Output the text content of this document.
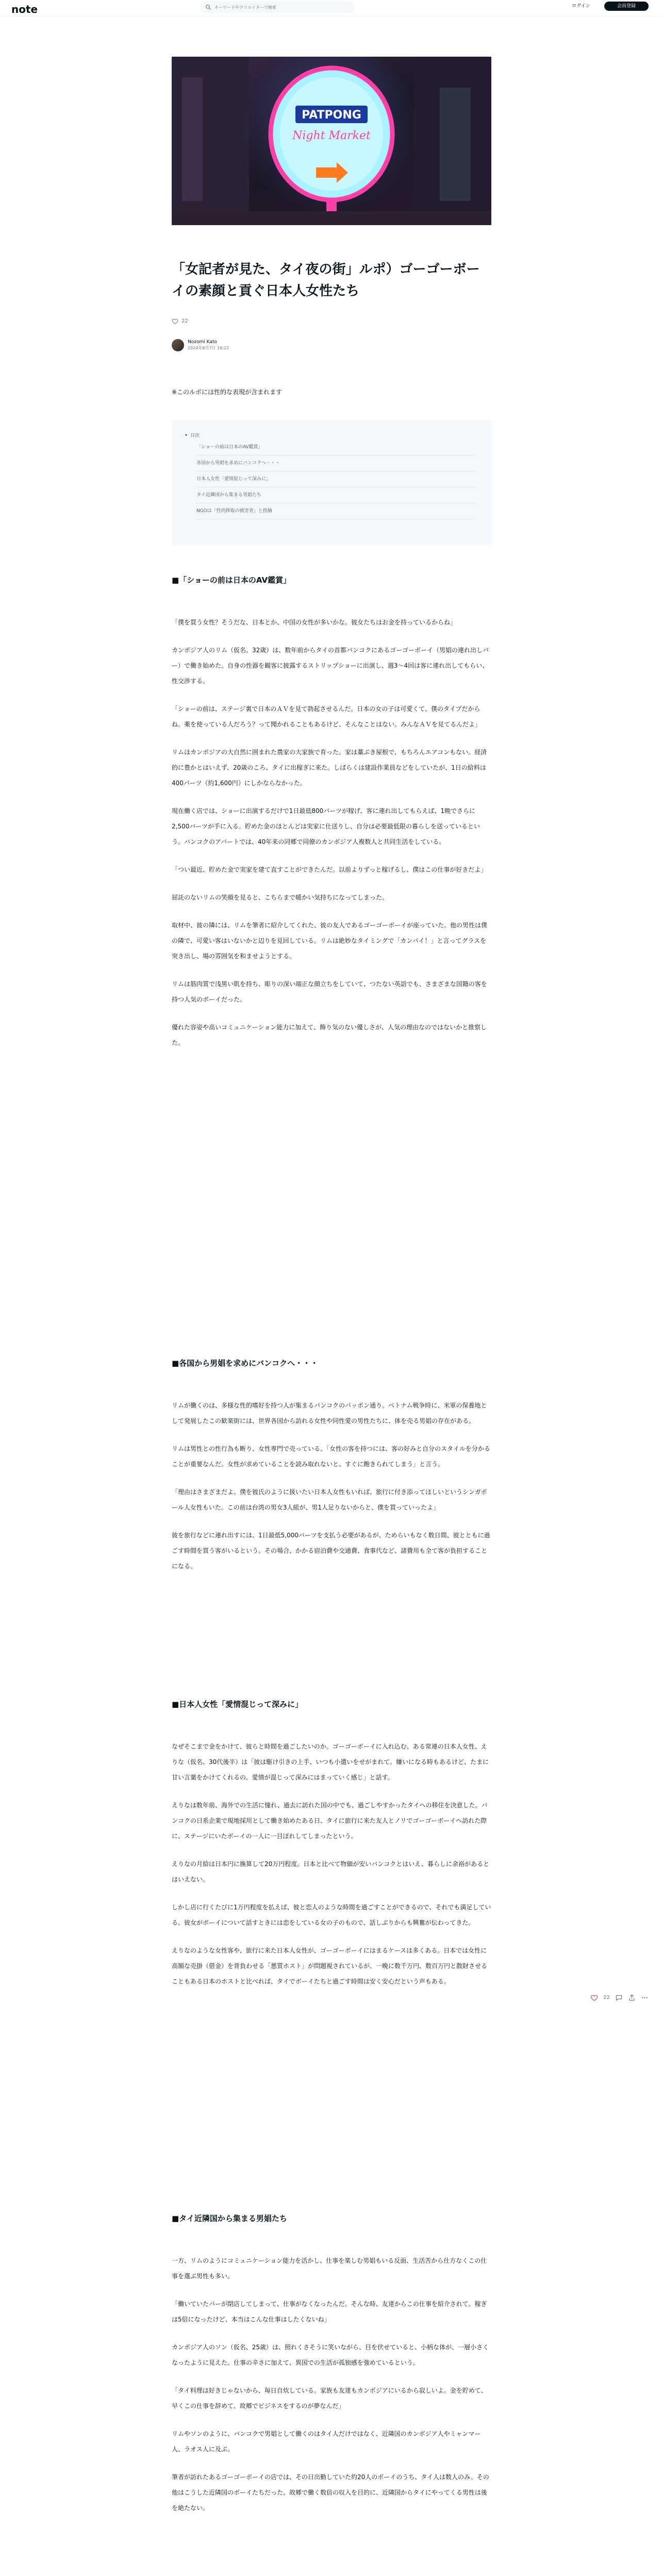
note
キーワードやクリエイターで検索	ログイン	会員登録
PATPONG
Night Market
「女記者が見た、タイ夜の街」ルポ）ゴーゴーボーイの素顔と貢ぐ日本人女性たち
22
Nozomi Kato
2024年6月7日 19:22

※このルポには性的な表現が含まれます

▾ 目次
「ショーの前は日本のAV鑑賞」
各国から男娼を求めにバンコクへ・・・
日本人女性「愛情混じって深みに」
タイ近隣国から集まる男娼たち
NGOは「性的搾取の被害者」と指摘
■「ショーの前は日本のAV鑑賞」

「僕を買う女性？そうだな、日本とか、中国の女性が多いかな。彼女たちはお金を持っているからね」

カンボジア人のリム（仮名、32歳）は、数年前からタイの首都バンコクにあるゴーゴーボーイ（男娼の連れ出しバー）で働き始めた。自身の性器を観客に披露するストリップショーに出演し、週3〜4回は客に連れ出してもらい、性交渉する。

「ショーの前は、ステージ裏で日本のＡＶを見て勃起させるんだ。日本の女の子は可愛くて、僕のタイプだからね。薬を使っている人だろう？って聞かれることもあるけど、そんなことはない。みんなＡＶを見てるんだよ」

リムはカンボジアの大自然に囲まれた農家の大家族で育った。家は藁ぶき屋根で、もちろんエアコンもない。経済的に豊かとはいえず、20歳のころ、タイに出稼ぎに来た。しばらくは建設作業員などをしていたが、1日の給料は400バーツ（約1,600円）にしかならなかった。

現在働く店では、ショーに出演するだけで1日最低800バーツが稼げ、客に連れ出してもらえば、1晩でさらに2,500バーツが手に入る。貯めた金のほとんどは実家に仕送りし、自分は必要最低限の暮らしを送っているという。バンコクのアパートでは、40年来の同郷で同僚のカンボジア人複数人と共同生活をしている。

「つい最近、貯めた金で実家を建て直すことができたんだ。以前よりずっと稼げるし、僕はこの仕事が好きだよ」

屈託のないリムの笑顔を見ると、こちらまで暖かい気持ちになってしまった。

取材中、彼の隣には、リムを筆者に紹介してくれた、彼の友人であるゴーゴーボーイが座っていた。他の男性は僕の隣で、可愛い客はいないかと辺りを見回している。リムは絶妙なタイミングで「カンパイ！」と言ってグラスを突き出し、場の雰囲気を和ませようとする。

リムは筋肉質で浅黒い肌を持ち、彫りの深い端正な顔立ちをしていて、つたない英語でも、さまざまな国籍の客を持つ人気のボーイだった。

優れた容姿や高いコミュニケーション能力に加えて、飾り気のない優しさが、人気の理由なのではないかと推察した。

■各国から男娼を求めにバンコクへ・・・

リムが働くのは、多様な性的嗜好を持つ人が集まるバンコクのパッポン通り。ベトナム戦争時に、米軍の保養地として発展したこの歓楽街には、世界各国から訪れる女性や同性愛の男性たちに、体を売る男娼の存在がある。

リムは男性との性行為も断り、女性専門で売っている。「女性の客を持つには、客の好みと自分のスタイルを分かることが重要なんだ。女性が求めていることを読み取れないと、すぐに飽きられてしまう」と言う。

「理由はさまざまだよ。僕を彼氏のように扱いたい日本人女性もいれば、旅行に付き添ってほしいというシンガポール人女性もいた。この前は台湾の男女3人組が、男1人足りないからと、僕を買っていったよ」

彼を旅行などに連れ出すには、1日最低5,000バーツを支払う必要があるが、ためらいもなく数日間、彼とともに過ごす時間を買う客がいるという。その場合、かかる宿泊費や交通費、食事代など、諸費用も全て客が負担することになる。

■日本人女性「愛情混じって深みに」

なぜそこまで金をかけて、彼らと時間を過ごしたいのか。ゴーゴーボーイに入れ込む、ある常連の日本人女性、えりな（仮名、30代後半）は「彼は駆け引きの上手、いつも小遣いをせがまれて。嫌いになる時もあるけど、たまに甘い言葉をかけてくれるの。愛情が混じって深みにはまっていく感じ」と話す。

えりなは数年前、海外での生活に憧れ、過去に訪れた国の中でも、過ごしやすかったタイへの移住を決意した。バンコクの日系企業で現地採用として働き始めたある日、タイに旅行に来た友人とノリでゴーゴーボーイへ訪れた際に、ステージにいたボーイの一人に一目ぼれしてしまったという。

えりなの月給は日本円に換算して20万円程度。日本と比べて物価が安いバンコクとはいえ、暮らしに余裕があるとはいえない。

しかし店に行くたびに1万円程度を払えば、彼と恋人のような時間を過ごすことができるので、それでも満足している。彼女がボーイについて話すときには恋をしている女の子のもので、話しぶりからも興奮が伝わってきた。

えりなのような女性客や、旅行に来た日本人女性が、ゴーゴーボーイにはまるケースは多くある。日本では女性に高額な売掛（借金）を背負わせる「悪質ホスト」が問題視されているが、一晩に数千万円、数百万円と散財させることもある日本のホストと比べれば、タイでボーイたちと過ごす時間は安く安心だという声もある。

■タイ近隣国から集まる男娼たち

一方、リムのようにコミュニケーション能力を活かし、仕事を楽しむ男娼もいる反面、生活苦から仕方なくこの仕事を選ぶ男性も多い。

「働いていたバーが閉店してしまって、仕事がなくなったんだ。そんな時、友達からこの仕事を紹介されて。稼ぎは5倍になったけど、本当はこんな仕事はしたくないね」

カンボジア人のソン（仮名、25歳）は、照れくさそうに笑いながら、目を伏せていると、小柄な体が、一層小さくなったように見えた。仕事の辛さに加えて、異国での生活が孤独感を強めているという。

「タイ料理は好きじゃないから、毎日自炊している。家族も友達もカンボジアにいるから寂しいよ。金を貯めて、早くこの仕事を辞めて、故郷でビジネスをするのが夢なんだ」

リムやソンのように、バンコクで男娼として働くのはタイ人だけではなく、近隣国のカンボジア人やミャンマー人、ラオス人に及ぶ。

筆者が訪れたあるゴーゴーボーイの店では、その日出勤していた約20人のボーイのうち、タイ人は数人のみ。その他はこうした近隣国のボーイたちだった。故郷で働く数倍の収入を目的に、近隣国からタイにやってくる男性は後を絶たない。

22
